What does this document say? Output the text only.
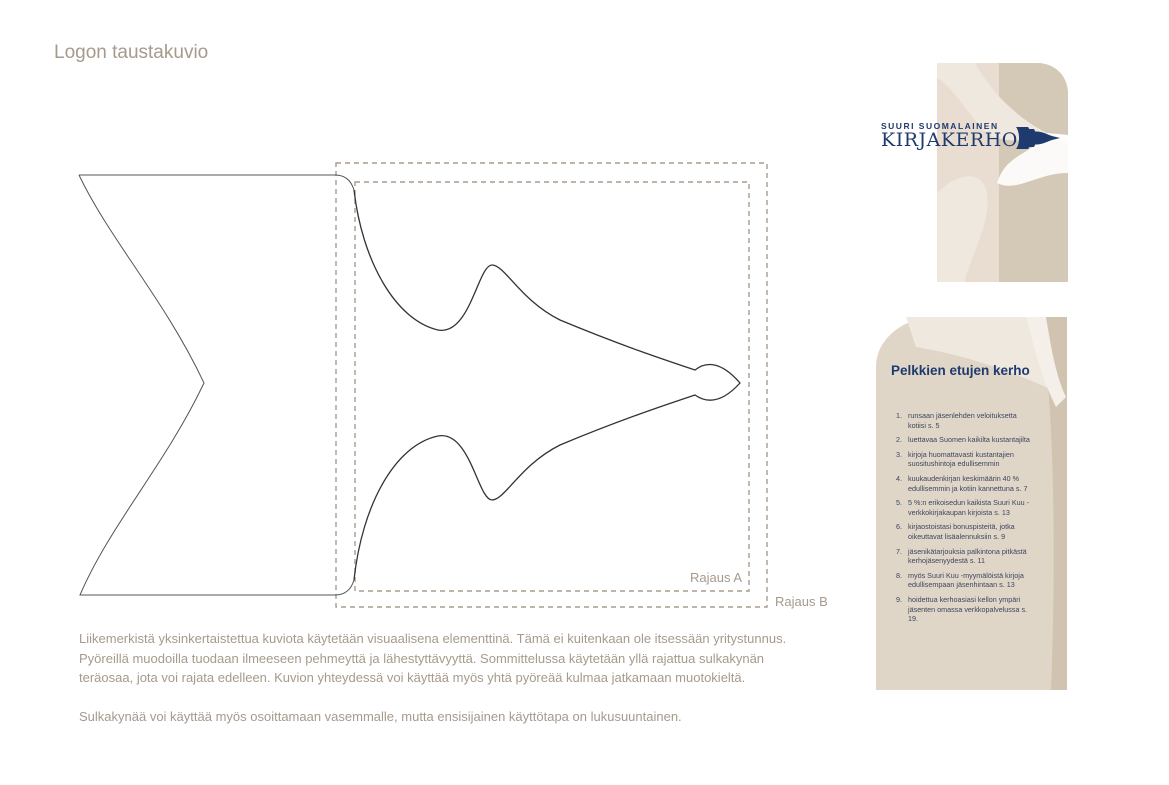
Logon taustakuvio
Rajaus A
Rajaus B

Liikemerkistä yksinkertaistettua kuviota käytetään visuaalisena elementtinä. Tämä ei kuitenkaan ole itsessään yritystunnus. Pyöreillä muodoilla tuodaan ilmeeseen pehmeyttä ja lähestyttävyyttä. Sommittelussa käytetään yllä rajattua sulkakynän teräosaa, jota voi rajata edelleen. Kuvion yhteydessä voi käyttää myös yhtä pyöreää kulmaa jatkamaan muotokieltä.

Sulkakynää voi käyttää myös osoittamaan vasemmalle, mutta ensisijainen käyttötapa on lukusuuntainen.

SUURI SUOMALAINEN
KIRJAKERHO
Pelkkien etujen kerho
1. runsaan jäsenlehden veloituksetta kotiisi s. 5
2. luettavaa Suomen kaikilta kustantajilta
3. kirjoja huomattavasti kustantajien suositushintoja edullisemmin
4. kuukaudenkirjan keskimäärin 40 % edullisemmin ja kotiin kannettuna s. 7
5. 5 %:n erikoisedun kaikista Suuri Kuu -verkkokirjakaupan kirjoista s. 13
6. kirjaostoistasi bonuspisteitä, jotka oikeuttavat lisäalennuksiin s. 9
7. jäsenikätarjouksia palkintona pitkästä kerhojäsenyydestä s. 11
8. myös Suuri Kuu -myymälöistä kirjoja edullisempaan jäsenhintaan s. 13
9. hoidettua kerhoasiasi kellon ympäri jäsenten omassa verkkopalvelussa s. 19.
